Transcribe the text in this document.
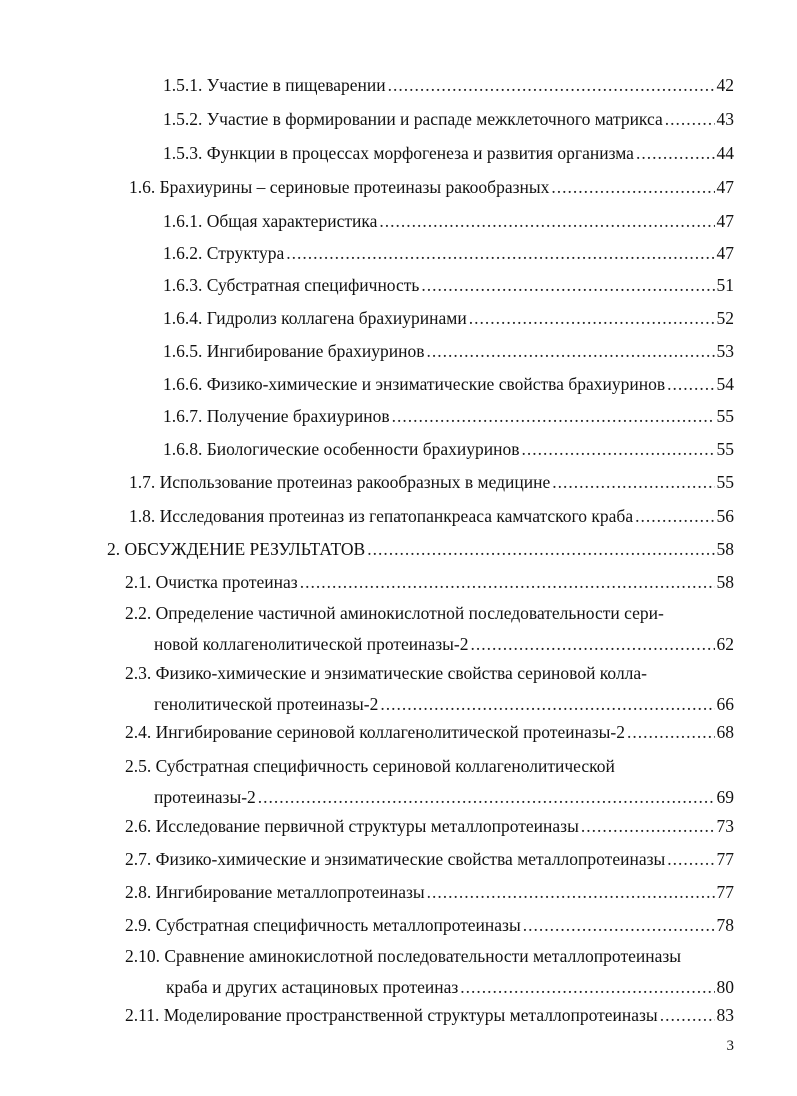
1.5.1. Участие в пищеварении .....	42
1.5.2. Участие в формировании и распаде межклеточного матрикса .....	43
1.5.3. Функции в процессах морфогенеза и развития организма .....	44
1.6. Брахиурины – сериновые протеиназы ракообразных .....	47
1.6.1. Общая характеристика .....	47
1.6.2. Структура .....	47
1.6.3. Субстратная специфичность .....	51
1.6.4. Гидролиз коллагена брахиуринами .....	52
1.6.5. Ингибирование брахиуринов .....	53
1.6.6. Физико-химические и энзиматические свойства брахиуринов .....	54
1.6.7. Получение брахиуринов .....	55
1.6.8. Биологические особенности брахиуринов .....	55
1.7. Использование протеиназ ракообразных в медицине .....	55
1.8. Исследования протеиназ из гепатопанкреаса камчатского краба .....	56
2. ОБСУЖДЕНИЕ РЕЗУЛЬТАТОВ .....	58
2.1. Очистка протеиназ .....	58
2.2. Определение частичной аминокислотной последовательности сери-
новой коллагенолитической протеиназы-2 .....	62
2.3. Физико-химические и энзиматические свойства сериновой колла-
генолитической протеиназы-2 .....	66
2.4. Ингибирование сериновой коллагенолитической протеиназы-2 .....	68
2.5. Субстратная специфичность сериновой коллагенолитической
протеиназы-2 .....	69
2.6. Исследование первичной структуры металлопротеиназы .....	73
2.7. Физико-химические и энзиматические свойства металлопротеиназы .....	77
2.8. Ингибирование металлопротеиназы .....	77
2.9. Субстратная специфичность металлопротеиназы .....	78
2.10. Сравнение аминокислотной последовательности металлопротеиназы
краба и других астациновых протеиназ .....	80
2.11. Моделирование пространственной структуры металлопротеиназы .....	83
3
